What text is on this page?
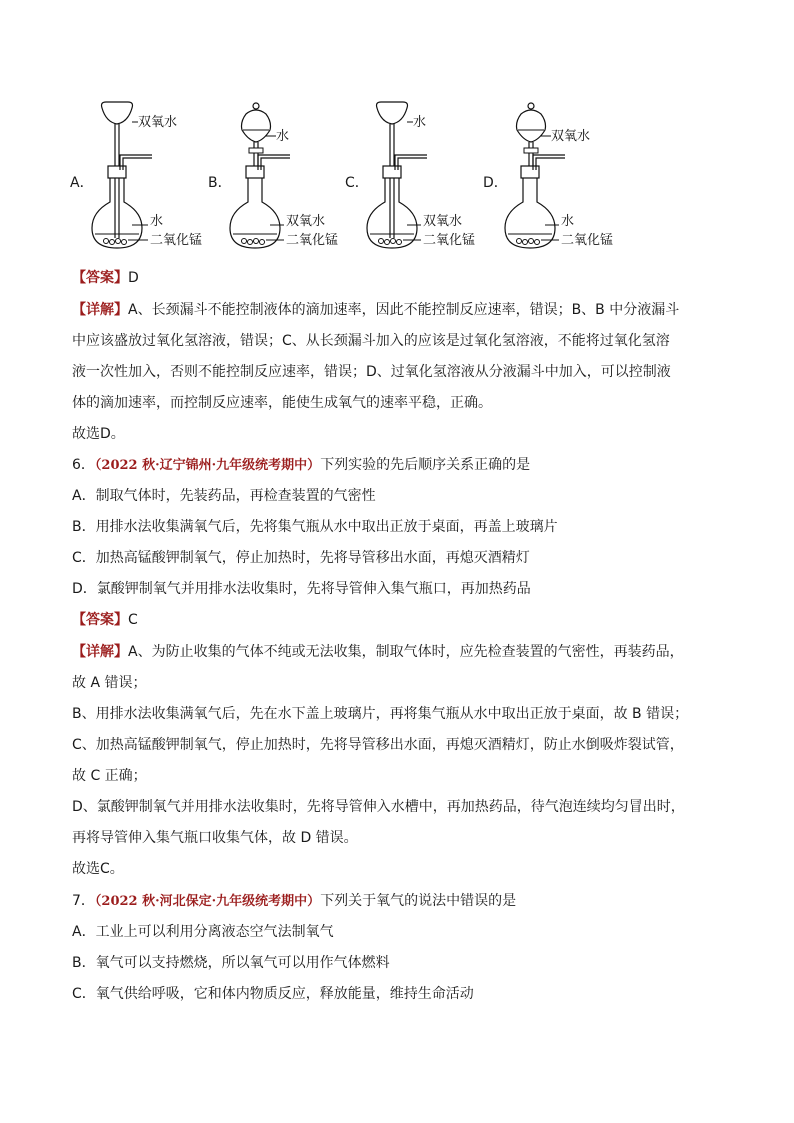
A．
双氧水
水
二氧化锰
B．
水
双氧水
二氧化锰
C．
水
双氧水
二氧化锰
D．
双氧水
水
二氧化锰
【答案】D
【详解】A、长颈漏斗不能控制液体的滴加速率，因此不能控制反应速率，错误；B、B 中分液漏斗
中应该盛放过氧化氢溶液，错误；C、从长颈漏斗加入的应该是过氧化氢溶液，不能将过氧化氢溶
液一次性加入，否则不能控制反应速率，错误；D、过氧化氢溶液从分液漏斗中加入，可以控制液
体的滴加速率，而控制反应速率，能使生成氧气的速率平稳，正确。
故选D。
6．（2022 秋·辽宁锦州·九年级统考期中）下列实验的先后顺序关系正确的是
A．制取气体时，先装药品，再检查装置的气密性
B．用排水法收集满氧气后，先将集气瓶从水中取出正放于桌面，再盖上玻璃片
C．加热高锰酸钾制氧气，停止加热时，先将导管移出水面，再熄灭酒精灯
D．氯酸钾制氧气并用排水法收集时，先将导管伸入集气瓶口，再加热药品
【答案】C
【详解】A、为防止收集的气体不纯或无法收集，制取气体时，应先检查装置的气密性，再装药品，
故 A 错误；
B、用排水法收集满氧气后，先在水下盖上玻璃片，再将集气瓶从水中取出正放于桌面，故 B 错误；
C、加热高锰酸钾制氧气，停止加热时，先将导管移出水面，再熄灭酒精灯，防止水倒吸炸裂试管，
故 C 正确；
D、氯酸钾制氧气并用排水法收集时，先将导管伸入水槽中，再加热药品，待气泡连续均匀冒出时，
再将导管伸入集气瓶口收集气体，故 D 错误。
故选C。
7．（2022 秋·河北保定·九年级统考期中）下列关于氧气的说法中错误的是
A．工业上可以利用分离液态空气法制氧气
B．氧气可以支持燃烧，所以氧气可以用作气体燃料
C．氧气供给呼吸，它和体内物质反应，释放能量，维持生命活动
